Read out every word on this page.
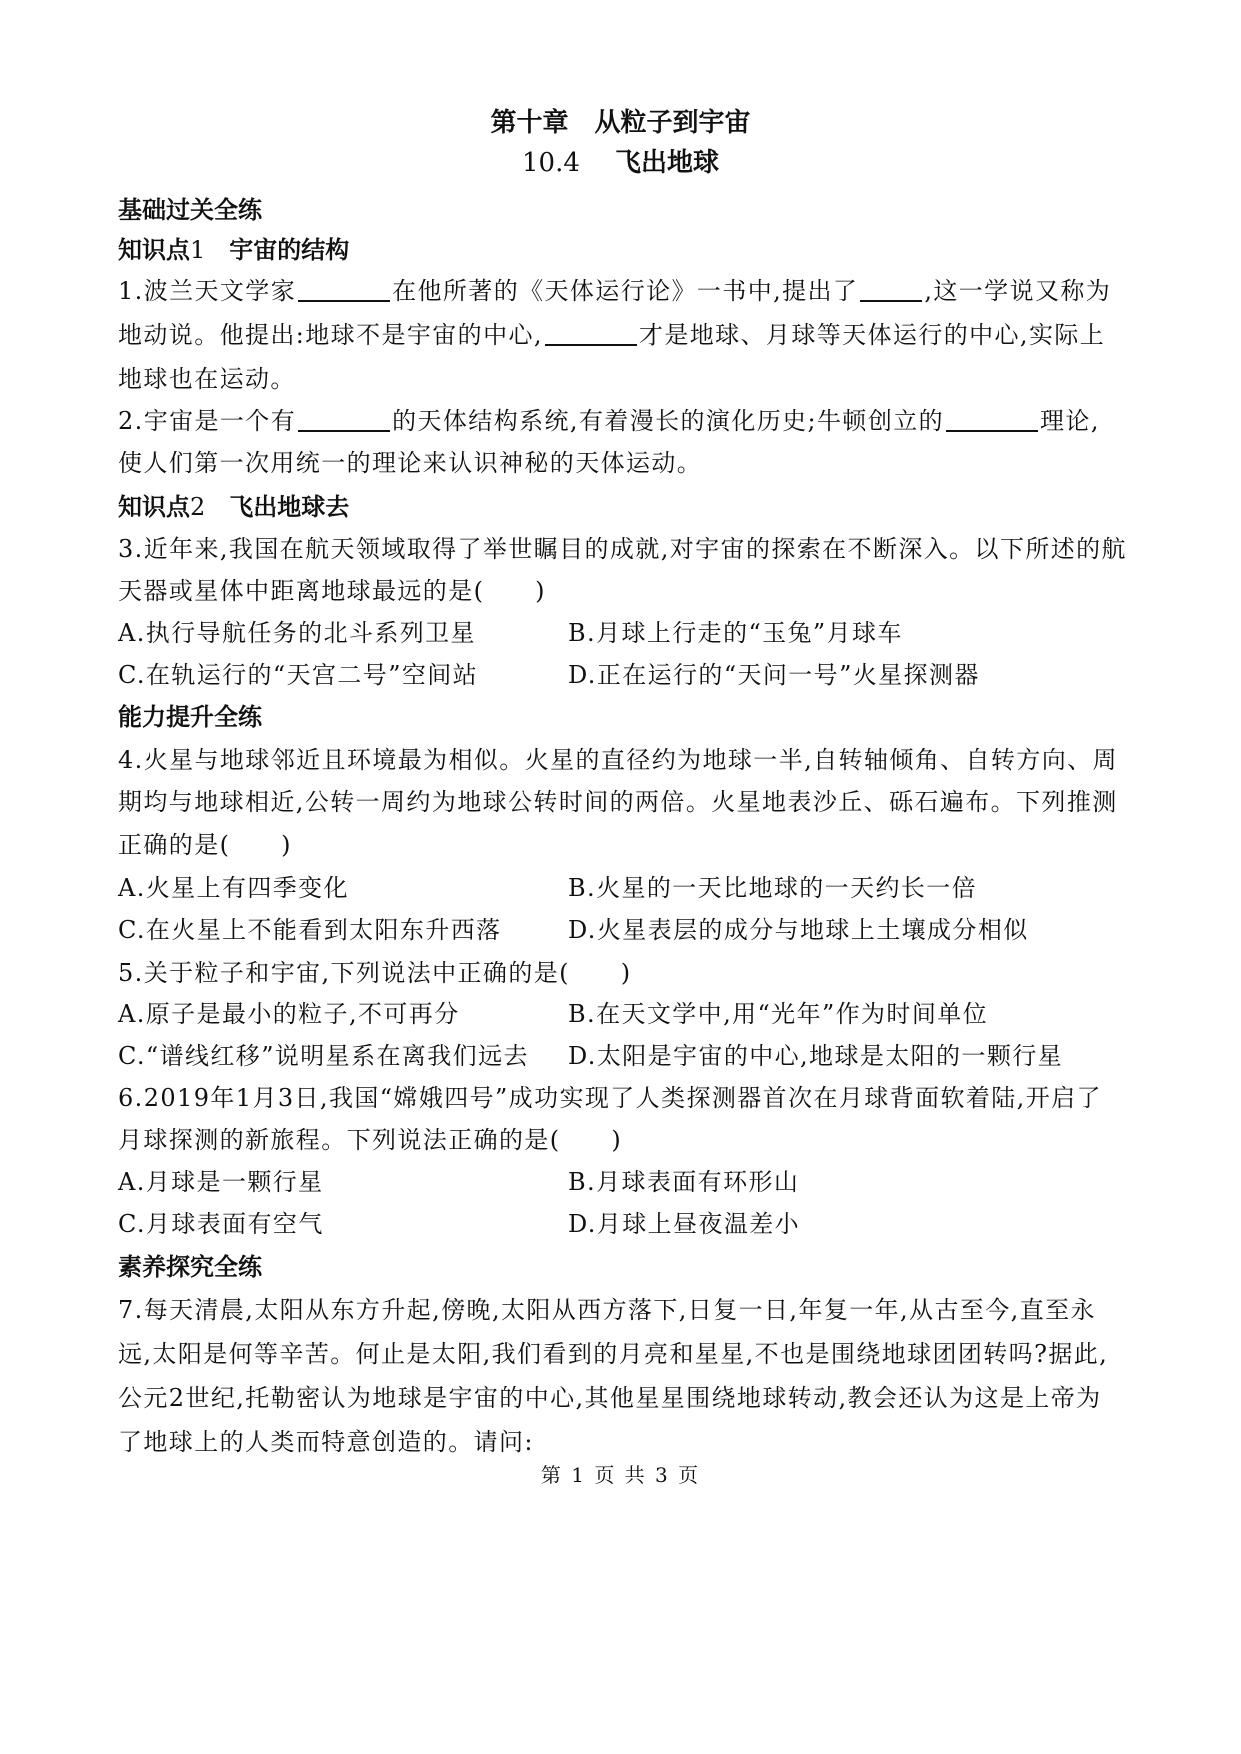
第十章　从粒子到宇宙
10.4　 飞出地球
基础过关全练
知识点1　 宇宙的结构
1.波兰天文学家	在他所著的《天体运行论》一书中,提出了	,这一学说又称为
地动说。他提出:地球不是宇宙的中心,	才是地球、月球等天体运行的中心,实际上
地球也在运动。
2.宇宙是一个有	的天体结构系统,有着漫长的演化历史;牛顿创立的	理论,
使人们第一次用统一的理论来认识神秘的天体运动。
知识点2　 飞出地球去
3.近年来,我国在航天领域取得了举世瞩目的成就,对宇宙的探索在不断深入。以下所述的航
天器或星体中距离地球最远的是(　　)
A.执行导航任务的北斗系列卫星	B.月球上行走的“玉兔”月球车
C.在轨运行的“天宫二号”空间站	D.正在运行的“天问一号”火星探测器
能力提升全练
4.火星与地球邻近且环境最为相似。火星的直径约为地球一半,自转轴倾角、自转方向、周
期均与地球相近,公转一周约为地球公转时间的两倍。火星地表沙丘、砾石遍布。下列推测
正确的是(　　)
A.火星上有四季变化	B.火星的一天比地球的一天约长一倍
C.在火星上不能看到太阳东升西落	D.火星表层的成分与地球上土壤成分相似
5.关于粒子和宇宙,下列说法中正确的是(　　)
A.原子是最小的粒子,不可再分	B.在天文学中,用“光年”作为时间单位
C.“谱线红移”说明星系在离我们远去 D.太阳是宇宙的中心,地球是太阳的一颗行星
6.2019年1月3日,我国“嫦娥四号”成功实现了人类探测器首次在月球背面软着陆,开启了
月球探测的新旅程。下列说法正确的是(　　)
A.月球是一颗行星	B.月球表面有环形山
C.月球表面有空气	D.月球上昼夜温差小
素养探究全练
7.每天清晨,太阳从东方升起,傍晚,太阳从西方落下,日复一日,年复一年,从古至今,直至永
远,太阳是何等辛苦。何止是太阳,我们看到的月亮和星星,不也是围绕地球团团转吗?据此,
公元2世纪,托勒密认为地球是宇宙的中心,其他星星围绕地球转动,教会还认为这是上帝为
了地球上的人类而特意创造的。请问:
第 1 页 共 3 页
